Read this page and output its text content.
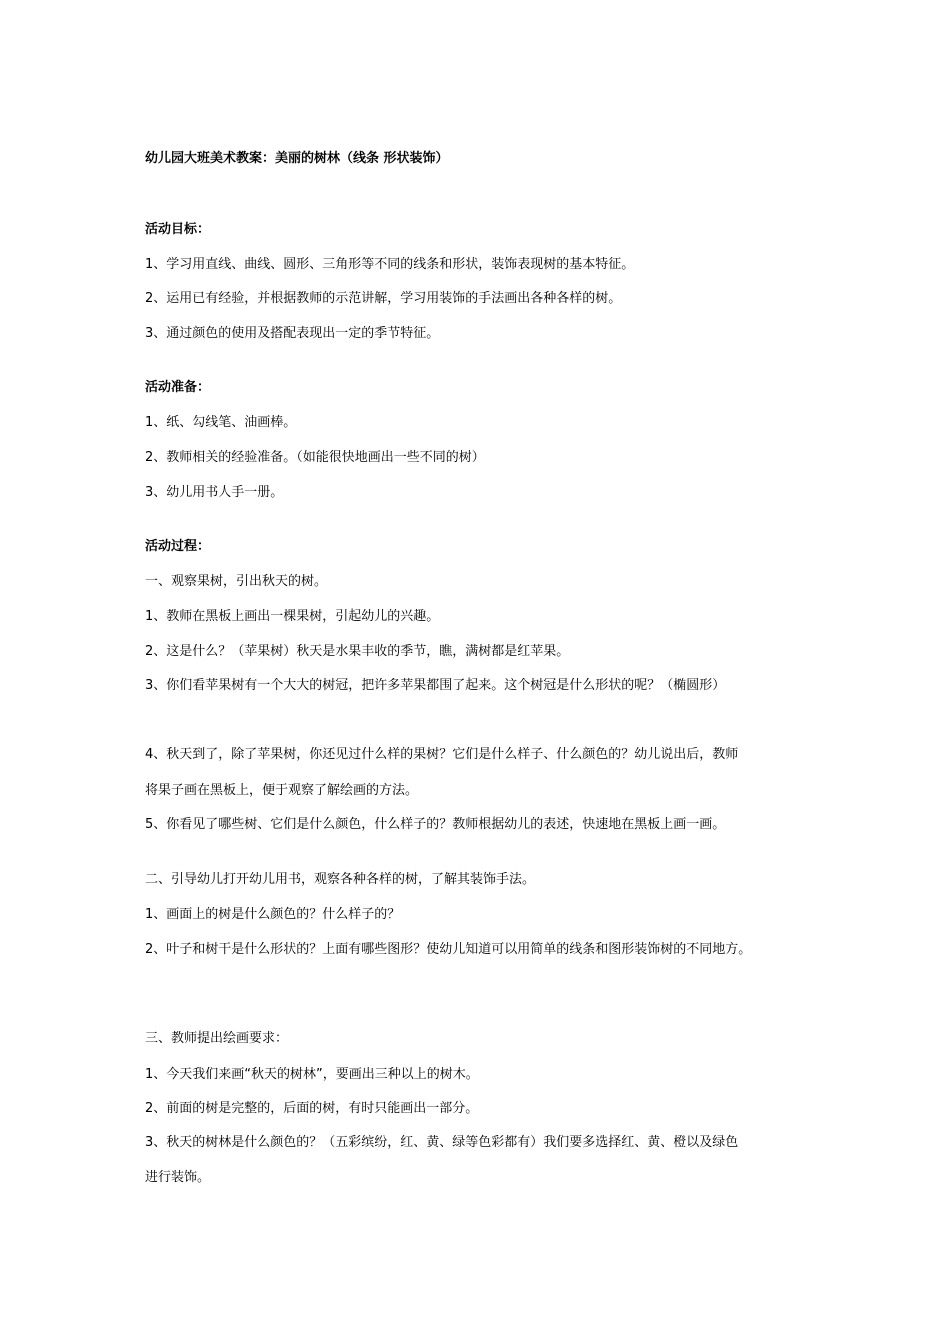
幼儿园大班美术教案：美丽的树林（线条 形状装饰）

活动目标：

1、学习用直线、曲线、圆形、三角形等不同的线条和形状，装饰表现树的基本特征。

2、运用已有经验，并根据教师的示范讲解，学习用装饰的手法画出各种各样的树。

3、通过颜色的使用及搭配表现出一定的季节特征。

活动准备：

1、纸、勾线笔、油画棒。

2、教师相关的经验准备。（如能很快地画出一些不同的树）

3、幼儿用书人手一册。

活动过程：

一、观察果树，引出秋天的树。

1、教师在黑板上画出一棵果树，引起幼儿的兴趣。

2、这是什么？（苹果树）秋天是水果丰收的季节，瞧，满树都是红苹果。

3、你们看苹果树有一个大大的树冠，把许多苹果都围了起来。这个树冠是什么形状的呢？（椭圆形）

4、秋天到了，除了苹果树，你还见过什么样的果树？它们是什么样子、什么颜色的？幼儿说出后，教师

将果子画在黑板上，便于观察了解绘画的方法。

5、你看见了哪些树、它们是什么颜色，什么样子的？教师根据幼儿的表述，快速地在黑板上画一画。

二、引导幼儿打开幼儿用书，观察各种各样的树，了解其装饰手法。

1、画面上的树是什么颜色的？什么样子的？

2、叶子和树干是什么形状的？上面有哪些图形？使幼儿知道可以用简单的线条和图形装饰树的不同地方。

三、教师提出绘画要求：

1、今天我们来画“秋天的树林”，要画出三种以上的树木。

2、前面的树是完整的，后面的树，有时只能画出一部分。

3、秋天的树林是什么颜色的？（五彩缤纷，红、黄、绿等色彩都有）我们要多选择红、黄、橙以及绿色

进行装饰。
